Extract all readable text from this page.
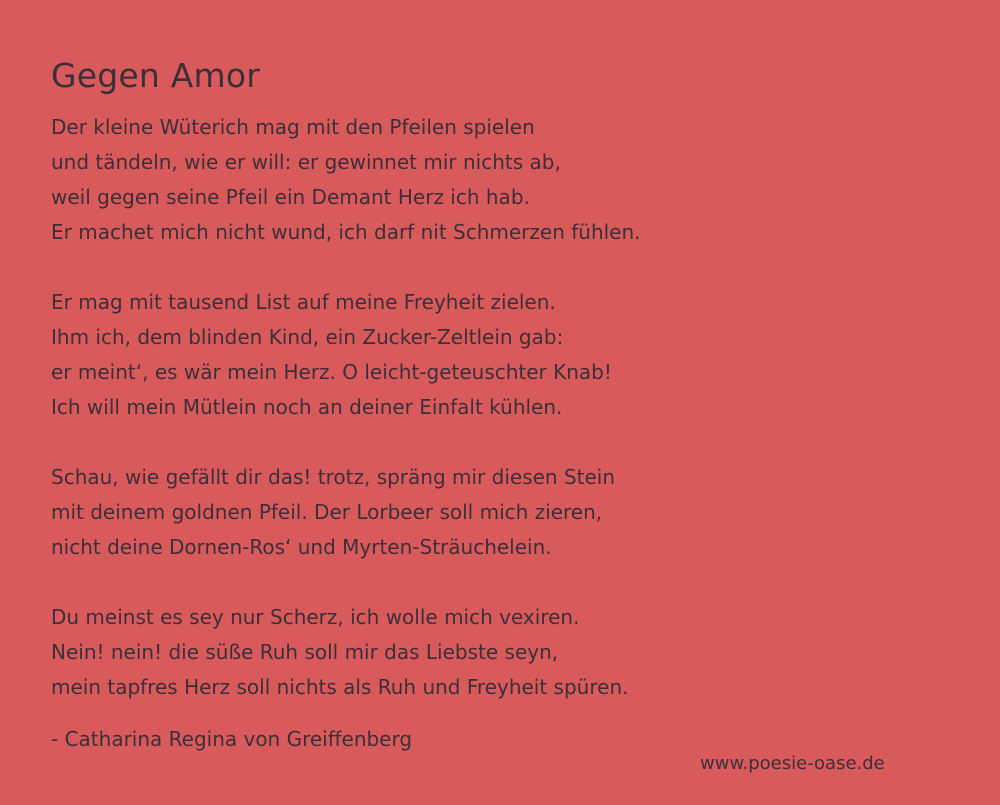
Gegen Amor

Der kleine Wüterich mag mit den Pfeilen spielen
und tändeln, wie er will: er gewinnet mir nichts ab,
weil gegen seine Pfeil ein Demant Herz ich hab.
Er machet mich nicht wund, ich darf nit Schmerzen fühlen.

Er mag mit tausend List auf meine Freyheit zielen.
Ihm ich, dem blinden Kind, ein Zucker-Zeltlein gab:
er meint‘, es wär mein Herz. O leicht-geteuschter Knab!
Ich will mein Mütlein noch an deiner Einfalt kühlen.

Schau, wie gefällt dir das! trotz, spräng mir diesen Stein
mit deinem goldnen Pfeil. Der Lorbeer soll mich zieren,
nicht deine Dornen-Ros‘ und Myrten-Sträuchelein.

Du meinst es sey nur Scherz, ich wolle mich vexiren.
Nein! nein! die süße Ruh soll mir das Liebste seyn,
mein tapfres Herz soll nichts als Ruh und Freyheit spüren.

- Catharina Regina von Greiffenberg

www.poesie-oase.de
